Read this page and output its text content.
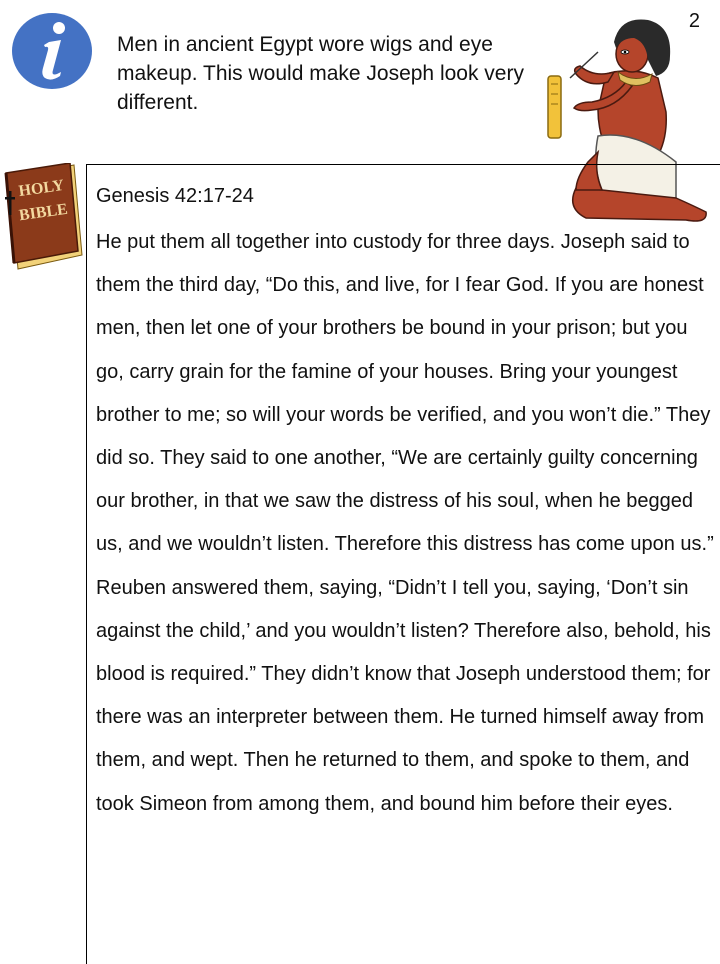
2
Men in ancient Egypt wore wigs and eye makeup. This would make Joseph look very different.
HOLY
BIBLE
Genesis 42:17-24

He put them all together into custody for three days. Joseph said to them the third day, “Do this, and live, for I fear God. If you are honest men, then let one of your brothers be bound in your prison; but you go, carry grain for the famine of your houses. Bring your youngest brother to me; so will your words be verified, and you won’t die.” They did so. They said to one another, “We are certainly guilty concerning our brother, in that we saw the distress of his soul, when he begged us, and we wouldn’t listen. Therefore this distress has come upon us.” Reuben answered them, saying, “Didn’t I tell you, saying, ‘Don’t sin against the child,’ and you wouldn’t listen? Therefore also, behold, his blood is required.” They didn’t know that Joseph understood them; for there was an interpreter between them. He turned himself away from them, and wept. Then he returned to them, and spoke to them, and took Simeon from among them, and bound him before their eyes.
